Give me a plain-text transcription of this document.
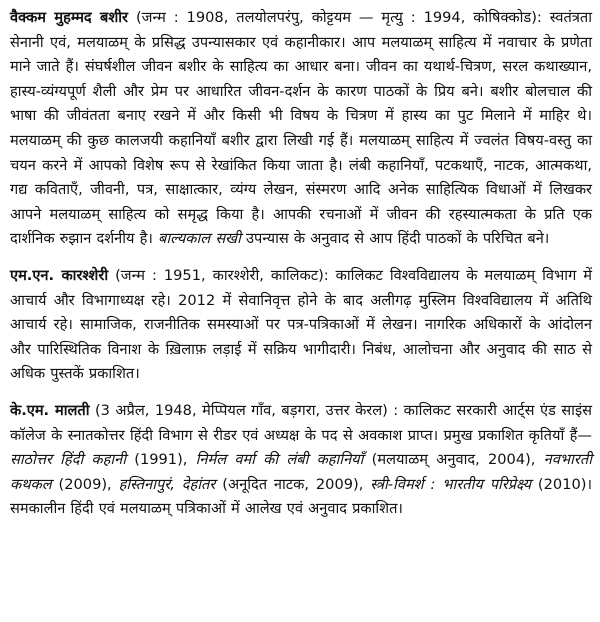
वैक्कम मुहम्मद बशीर (जन्म : 1908, तलयोलपरंपु, कोट्टयम — मृत्यु : 1994, कोषिक्कोड): स्वतंत्रता सेनानी एवं, मलयाळम् के प्रसिद्ध उपन्यासकार एवं कहानीकार। आप मलयाळम् साहित्य में नवाचार के प्रणेता माने जाते हैं। संघर्षशील जीवन बशीर के साहित्य का आधार बना। जीवन का यथार्थ-चित्रण, सरल कथाख्यान, हास्य-व्यंग्यपूर्ण शैली और प्रेम पर आधारित जीवन-दर्शन के कारण पाठकों के प्रिय बने। बशीर बोलचाल की भाषा की जीवंतता बनाए रखने में और किसी भी विषय के चित्रण में हास्य का पुट मिलाने में माहिर थे। मलयाळम् की कुछ कालजयी कहानियाँ बशीर द्वारा लिखी गई हैं। मलयाळम् साहित्य में ज्वलंत विषय-वस्तु का चयन करने में आपको विशेष रूप से रेखांकित किया जाता है। लंबी कहानियाँ, पटकथाएँ, नाटक, आत्मकथा, गद्य कविताएँ, जीवनी, पत्र, साक्षात्कार, व्यंग्य लेखन, संस्मरण आदि अनेक साहित्यिक विधाओं में लिखकर आपने मलयाळम् साहित्य को समृद्ध किया है। आपकी रचनाओं में जीवन की रहस्यात्मकता के प्रति एक दार्शनिक रुझान दर्शनीय है। बाल्यकाल सखी उपन्यास के अनुवाद से आप हिंदी पाठकों के परिचित बने।

एम.एन. कारश्शेरी (जन्म : 1951, कारश्शेरी, कालिकट): कालिकट विश्वविद्यालय के मलयाळम् विभाग में आचार्य और विभागाध्यक्ष रहे। 2012 में सेवानिवृत्त होने के बाद अलीगढ़ मुस्लिम विश्वविद्यालय में अतिथि आचार्य रहे। सामाजिक, राजनीतिक समस्याओं पर पत्र-पत्रिकाओं में लेखन। नागरिक अधिकारों के आंदोलन और पारिस्थितिक विनाश के ख़िलाफ़ लड़ाई में सक्रिय भागीदारी। निबंध, आलोचना और अनुवाद की साठ से अधिक पुस्तकें प्रकाशित।

के.एम. मालती (3 अप्रैल, 1948, मेप्पियल गाँव, बड़गरा, उत्तर केरल) : कालिकट सरकारी आर्ट्स एंड साइंस कॉलेज के स्नातकोत्तर हिंदी विभाग से रीडर एवं अध्यक्ष के पद से अवकाश प्राप्त। प्रमुख प्रकाशित कृतियाँ हैं—साठोत्तर हिंदी कहानी (1991), निर्मल वर्मा की लंबी कहानियाँ (मलयाळम् अनुवाद, 2004), नवभारती कथकल (2009), हस्तिनापुरं, देहांतर (अनूदित नाटक, 2009), स्त्री-विमर्श : भारतीय परिप्रेक्ष्य (2010)। समकालीन हिंदी एवं मलयाळम् पत्रिकाओं में आलेख एवं अनुवाद प्रकाशित।
